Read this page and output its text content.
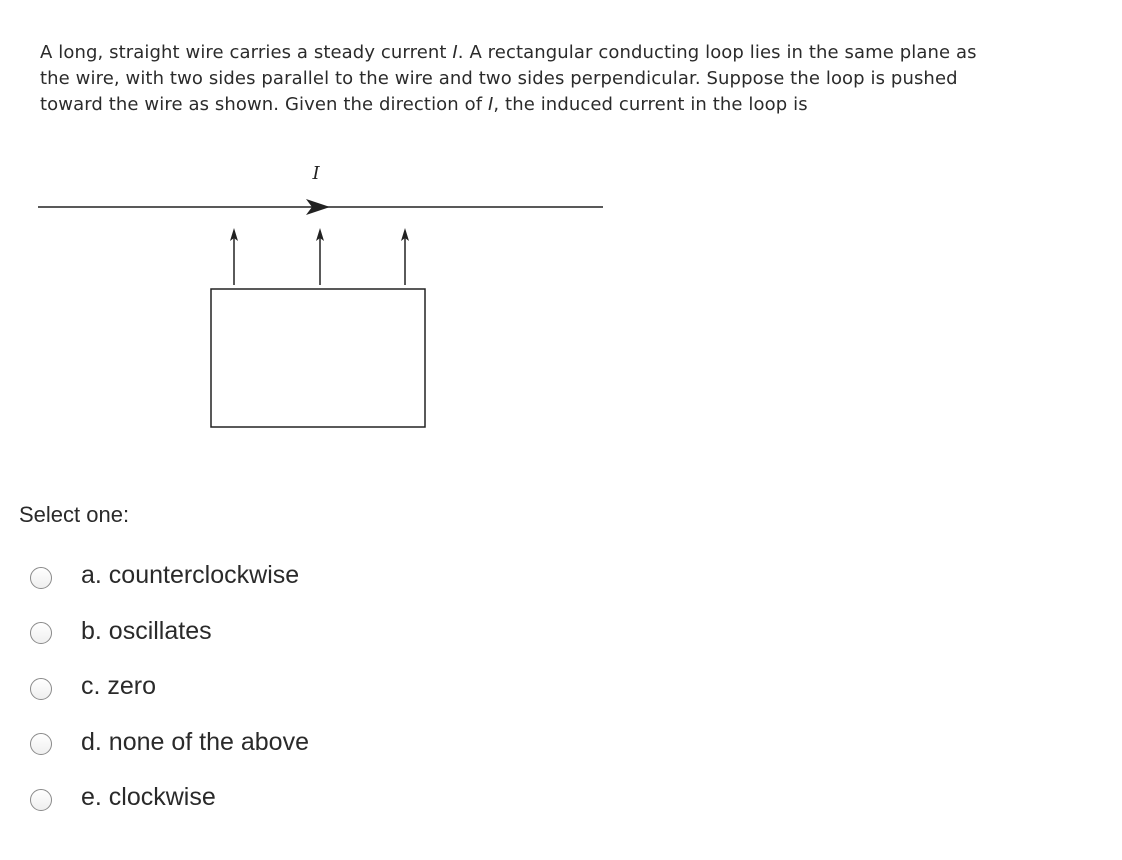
A long, straight wire carries a steady current I. A rectangular conducting loop lies in the same plane as
the wire, with two sides parallel to the wire and two sides perpendicular. Suppose the loop is pushed
toward the wire as shown. Given the direction of I, the induced current in the loop is
I
Select one:
a. counterclockwise
b. oscillates
c. zero
d. none of the above
e. clockwise
